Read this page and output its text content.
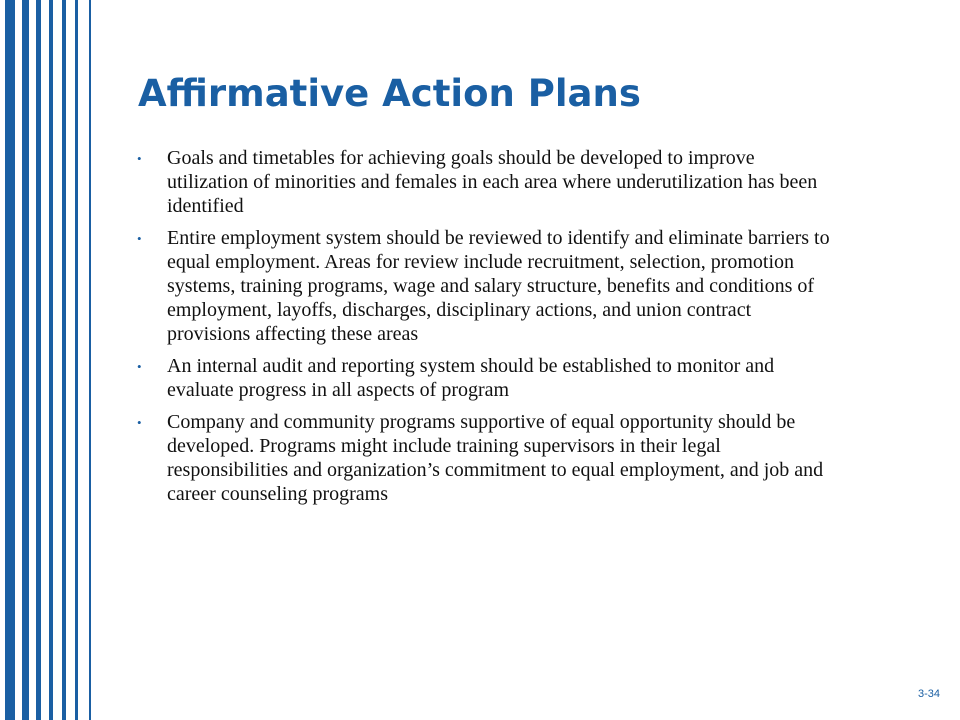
Affirmative Action Plans
• Goals and timetables for achieving goals should be developed to improve utilization of minorities and females in each area where underutilization has been identified
• Entire employment system should be reviewed to identify and eliminate barriers to equal employment. Areas for review include recruitment, selection, promotion systems, training programs, wage and salary structure, benefits and conditions of employment, layoffs, discharges, disciplinary actions, and union contract provisions affecting these areas
• An internal audit and reporting system should be established to monitor and evaluate progress in all aspects of program
• Company and community programs supportive of equal opportunity should be developed. Programs might include training supervisors in their legal responsibilities and organization’s commitment to equal employment, and job and career counseling programs
3-34
